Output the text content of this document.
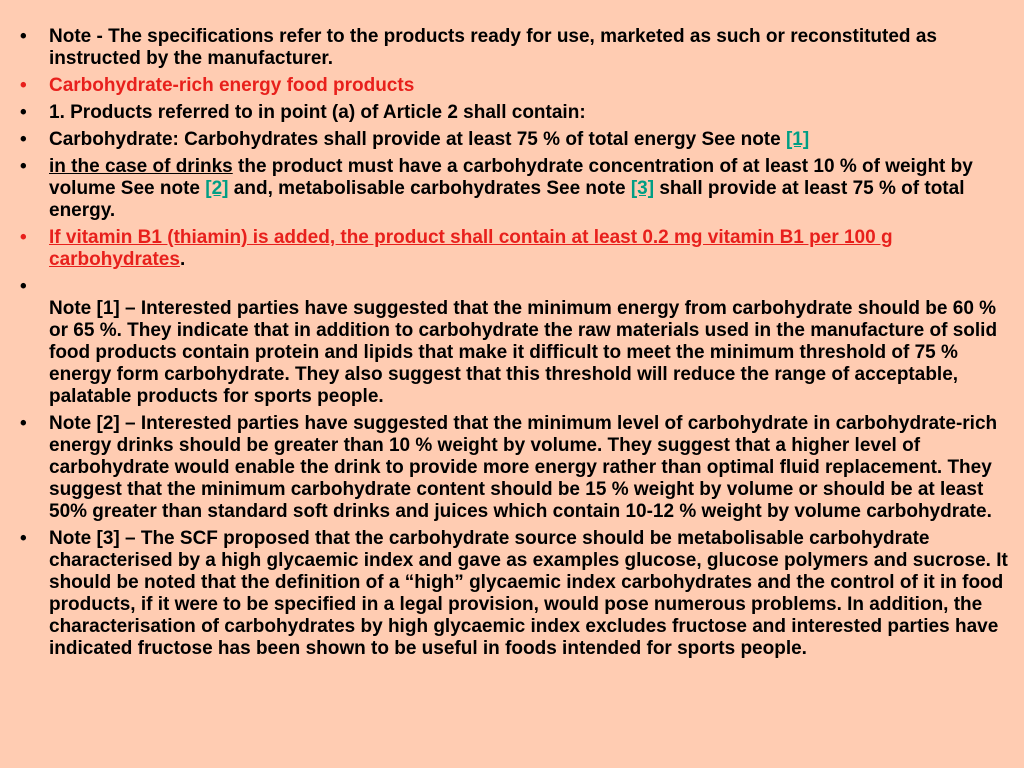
• Note - The specifications refer to the products ready for use, marketed as such or reconstituted as instructed by the manufacturer.
• Carbohydrate-rich energy food products
• 1. Products referred to in point (a) of Article 2 shall contain:
• Carbohydrate: Carbohydrates shall provide at least 75 % of total energy See note [1]
• in the case of drinks the product must have a carbohydrate concentration of at least 10 % of weight by volume See note [2] and, metabolisable carbohydrates See note [3] shall provide at least 75 % of total energy.
• If vitamin B1 (thiamin) is added, the product shall contain at least 0.2 mg vitamin B1 per 100 g carbohydrates.
•

Note [1] – Interested parties have suggested that the minimum energy from carbohydrate should be 60 % or 65 %. They indicate that in addition to carbohydrate the raw materials used in the manufacture of solid food products contain protein and lipids that make it difficult to meet the minimum threshold of 75 % energy form carbohydrate. They also suggest that this threshold will reduce the range of acceptable, palatable products for sports people.
• Note [2] – Interested parties have suggested that the minimum level of carbohydrate in carbohydrate-rich energy drinks should be greater than 10 % weight by volume. They suggest that a higher level of carbohydrate would enable the drink to provide more energy rather than optimal fluid replacement. They suggest that the minimum carbohydrate content should be 15 % weight by volume or should be at least 50% greater than standard soft drinks and juices which contain 10-12 % weight by volume carbohydrate.
• Note [3] – The SCF proposed that the carbohydrate source should be metabolisable carbohydrate characterised by a high glycaemic index and gave as examples glucose, glucose polymers and sucrose. It should be noted that the definition of a “high” glycaemic index carbohydrates and the control of it in food products, if it were to be specified in a legal provision, would pose numerous problems. In addition, the characterisation of carbohydrates by high glycaemic index excludes fructose and interested parties have indicated fructose has been shown to be useful in foods intended for sports people.
